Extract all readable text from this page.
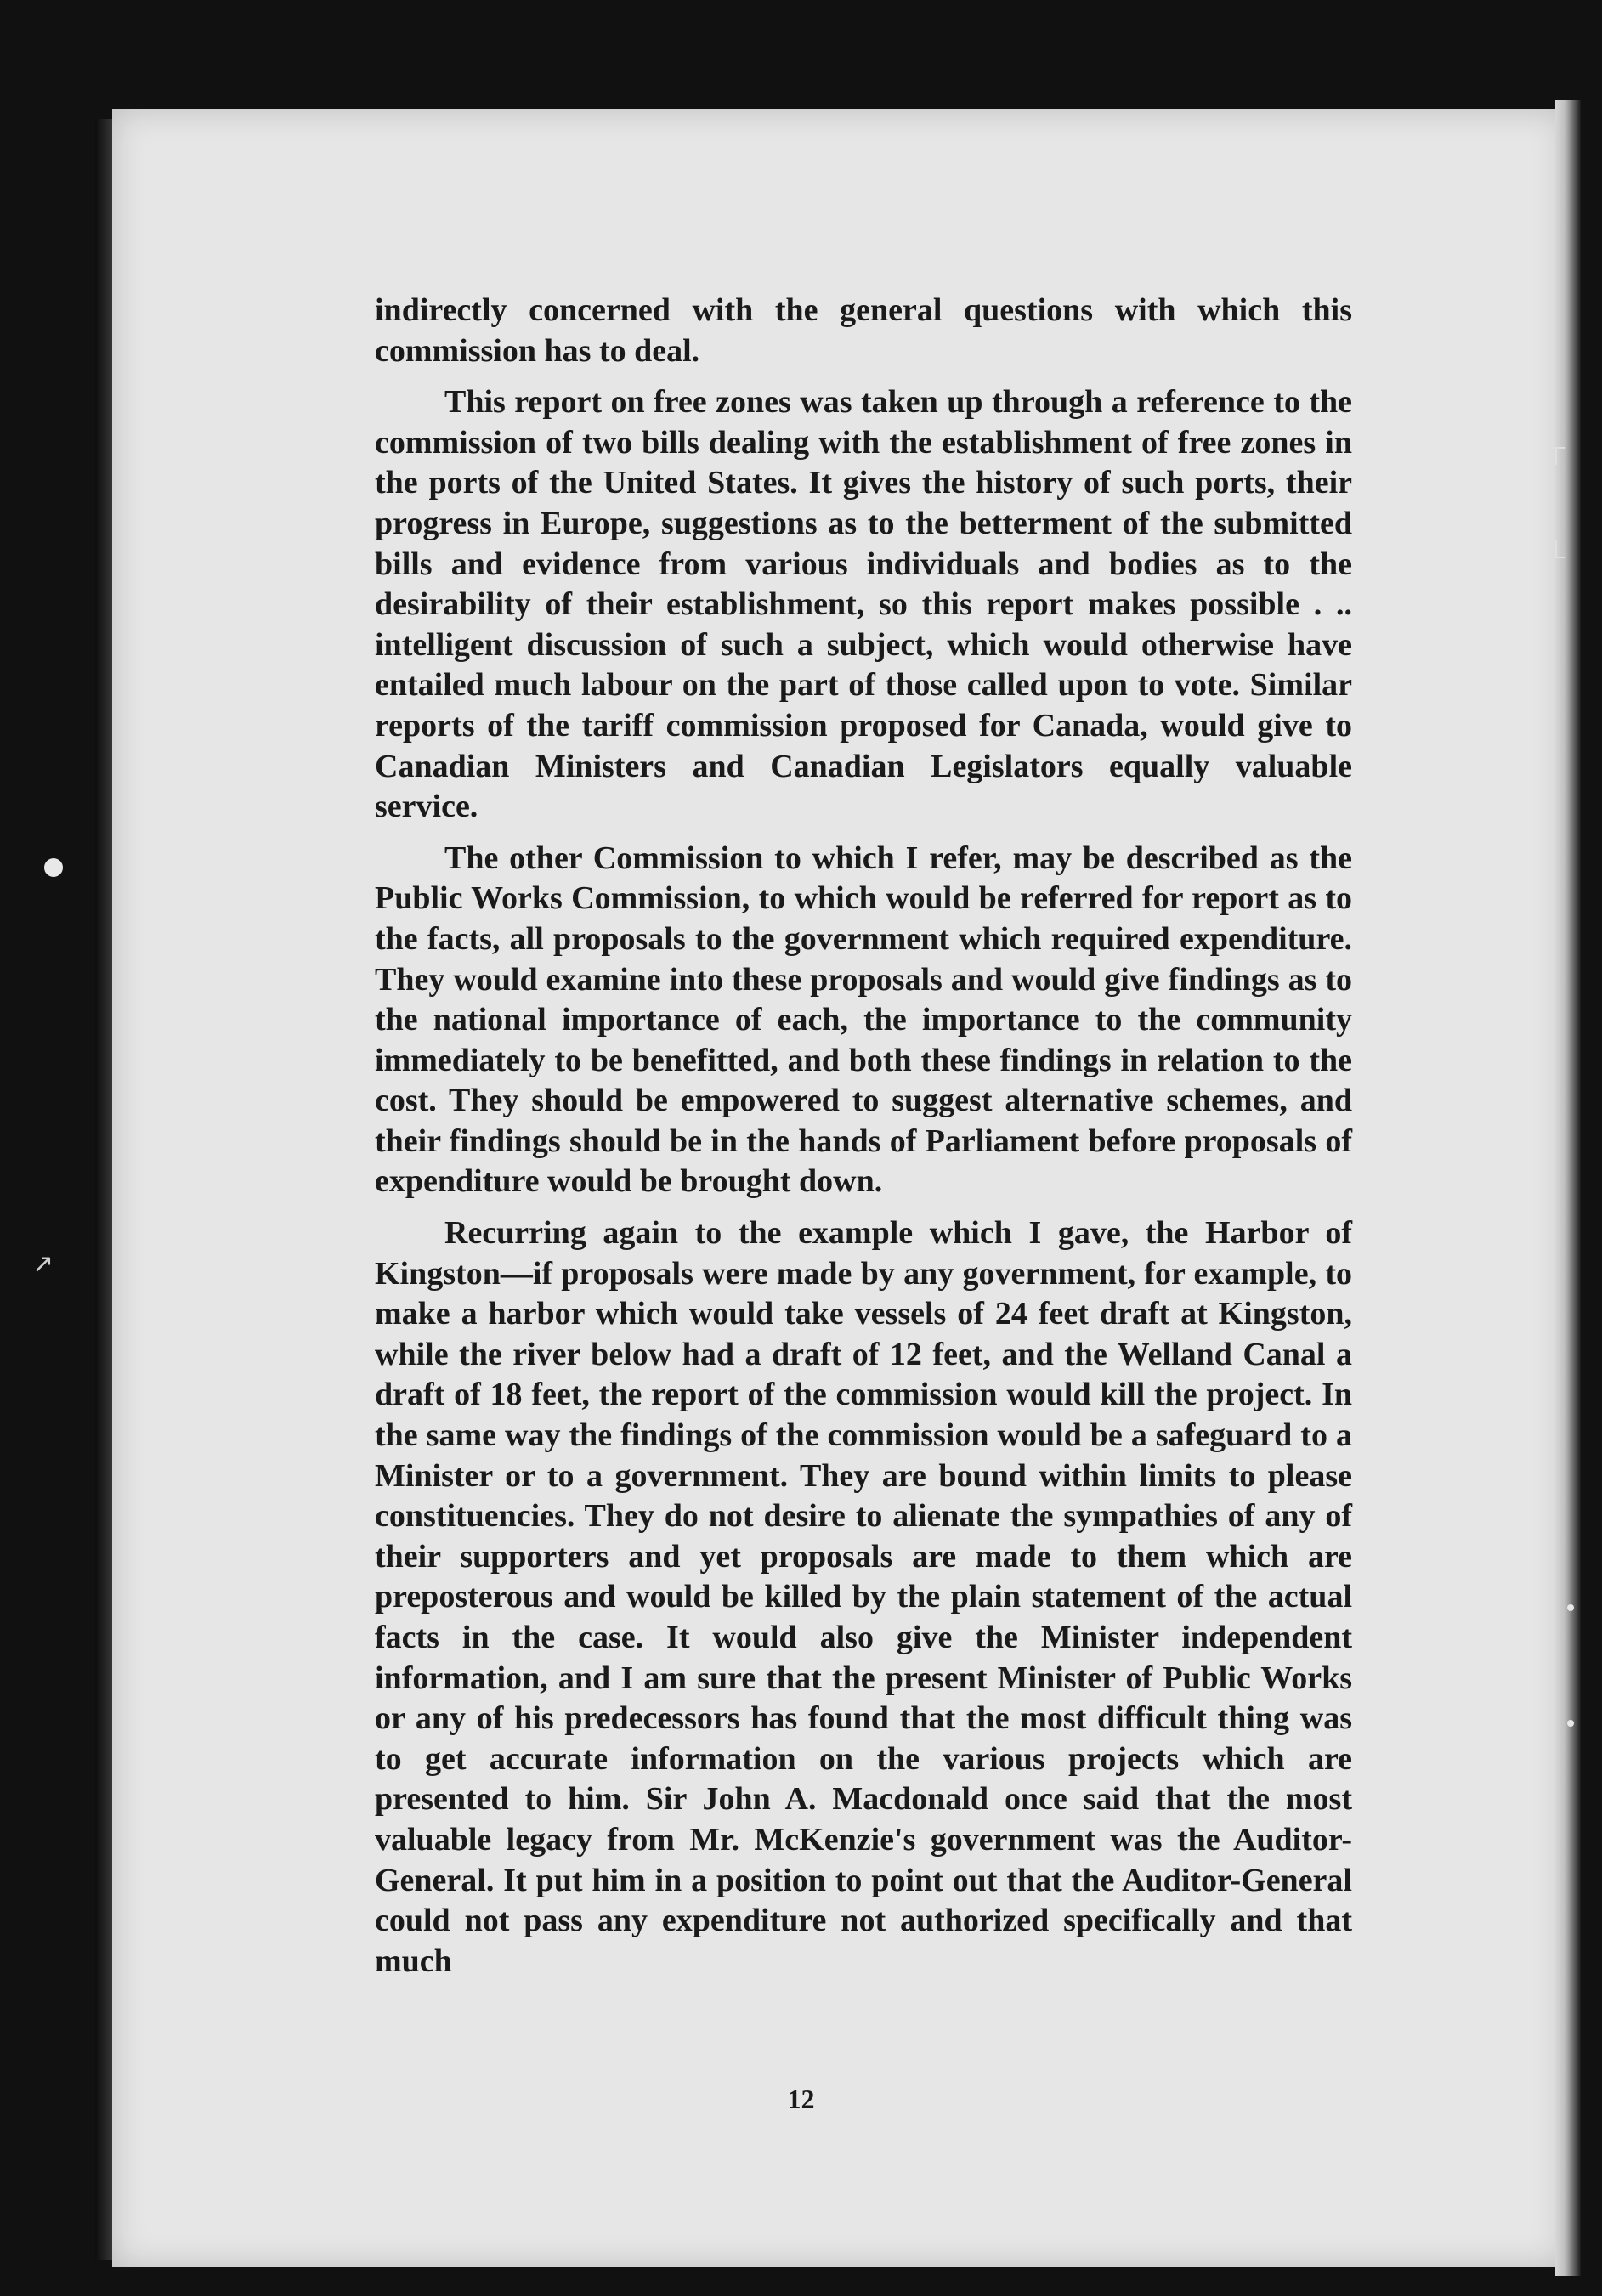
↗
⊤
⊥

indirectly concerned with the general questions with which this commission has to deal.

This report on free zones was taken up through a reference to the commission of two bills dealing with the establishment of free zones in the ports of the United States. It gives the history of such ports, their progress in Europe, suggestions as to the betterment of the submitted bills and evidence from various individuals and bodies as to the desirability of their establishment, so this report makes possible . .. intelligent discussion of such a subject, which would otherwise have entailed much labour on the part of those called upon to vote. Similar reports of the tariff commission proposed for Canada, would give to Canadian Ministers and Canadian Legislators equally valuable service.

The other Commission to which I refer, may be described as the Public Works Commission, to which would be referred for report as to the facts, all proposals to the government which required expenditure. They would examine into these proposals and would give findings as to the national importance of each, the importance to the community immediately to be benefitted, and both these findings in relation to the cost. They should be empowered to suggest alternative schemes, and their findings should be in the hands of Parliament before proposals of expenditure would be brought down.

Recurring again to the example which I gave, the Harbor of Kingston—if proposals were made by any government, for example, to make a harbor which would take vessels of 24 feet draft at Kingston, while the river below had a draft of 12 feet, and the Welland Canal a draft of 18 feet, the report of the commission would kill the project. In the same way the findings of the commission would be a safeguard to a Minister or to a government. They are bound within limits to please constituencies. They do not desire to alienate the sympathies of any of their supporters and yet proposals are made to them which are preposterous and would be killed by the plain statement of the actual facts in the case. It would also give the Minister independent information, and I am sure that the present Minister of Public Works or any of his predecessors has found that the most difficult thing was to get accurate information on the various projects which are presented to him. Sir John A. Macdonald once said that the most valuable legacy from Mr. McKenzie's government was the Auditor-General. It put him in a position to point out that the Auditor-General could not pass any expenditure not authorized specifically and that much

12
